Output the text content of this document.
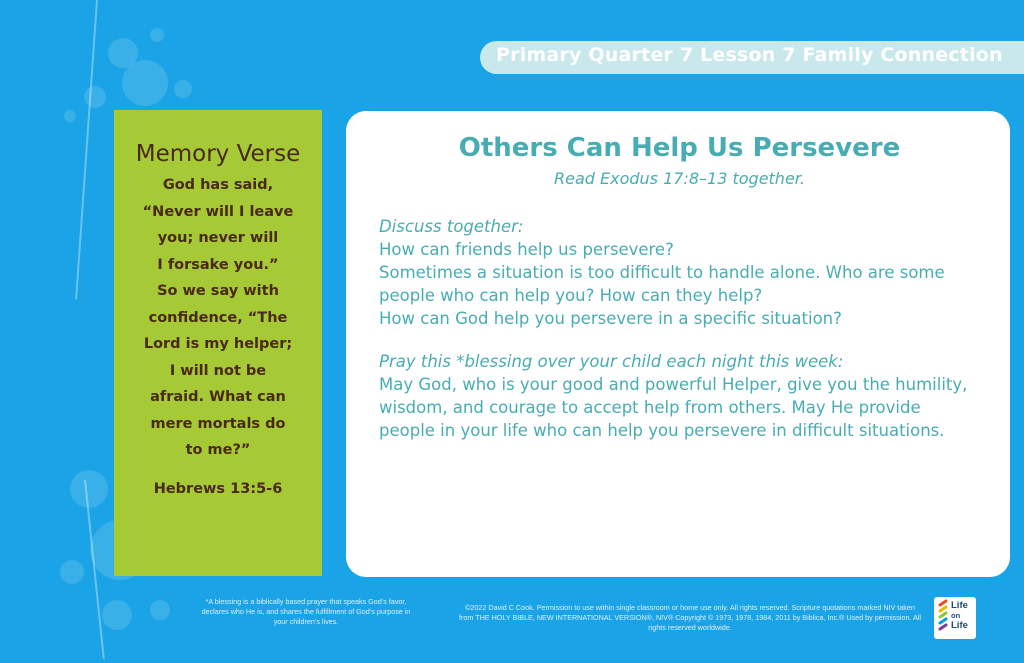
Primary Quarter 7 Lesson 7 Family Connection
Memory Verse
God has said,
“Never will I leave
you; never will
I forsake you.”
So we say with
confidence, “The
Lord is my helper;
I will not be
afraid. What can
mere mortals do
to me?”
Hebrews 13:5-6
Others Can Help Us Persevere
Read Exodus 17:8–13 together.
Discuss together:
How can friends help us persevere?
Sometimes a situation is too difficult to handle alone. Who are some people who can help you? How can they help?
How can God help you persevere in a specific situation?
Pray this *blessing over your child each night this week:
May God, who is your good and powerful Helper, give you the humility, wisdom, and courage to accept help from others. May He provide people in your life who can help you persevere in difficult situations.
*A blessing is a biblically based prayer that speaks God’s favor, declares who He is, and shares the fulfillment of God’s purpose in your children’s lives.
©2022 David C Cook. Permission to use within single classroom or home use only. All rights reserved. Scripture quotations marked NIV taken from THE HOLY BIBLE, NEW INTERNATIONAL VERSION®, NIV® Copyright © 1973, 1978, 1984, 2011 by Biblica, Inc.® Used by permission. All rights reserved worldwide.
Life
on
Life
